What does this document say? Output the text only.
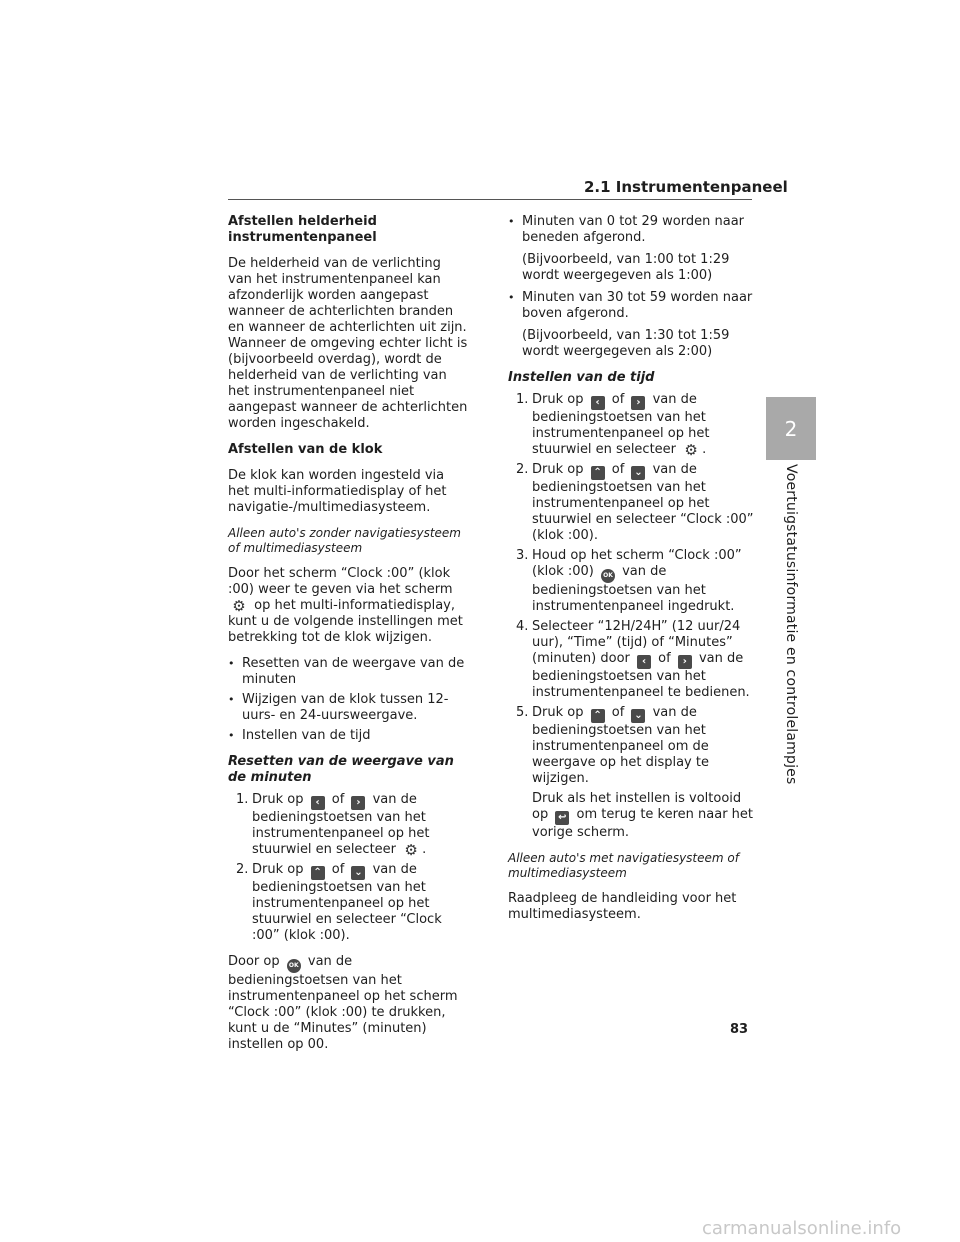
2.1 Instrumentenpaneel
2
Voertuigstatusinformatie en controlelampjes
Afstellen helderheid instrumentenpaneel
De helderheid van de verlichting van het instrumentenpaneel kan afzonderlijk worden aangepast wanneer de achterlichten branden en wanneer de achterlichten uit zijn. Wanneer de omgeving echter licht is (bijvoorbeeld overdag), wordt de helderheid van de verlichting van het instrumentenpaneel niet aangepast wanneer de achterlichten worden ingeschakeld.
Afstellen van de klok
De klok kan worden ingesteld via het multi-informatiedisplay of het navigatie-/multimediasysteem.
Alleen auto's zonder navigatiesysteem of multimediasysteem
Door het scherm “Clock :00” (klok :00) weer te geven via het scherm ⚙ op het multi-informatiedisplay, kunt u de volgende instellingen met betrekking tot de klok wijzigen.
• Resetten van de weergave van de minuten
• Wijzigen van de klok tussen 12-uurs- en 24-uursweergave.
• Instellen van de tijd
Resetten van de weergave van de minuten
1. Druk op ‹ of › van de bedieningstoetsen van het instrumentenpaneel op het stuurwiel en selecteer ⚙ .
2. Druk op ⌃ of ⌄ van de bedieningstoetsen van het instrumentenpaneel op het stuurwiel en selecteer “Clock :00” (klok :00).
Door op OK van de bedieningstoetsen van het instrumentenpaneel op het scherm “Clock :00” (klok :00) te drukken, kunt u de “Minutes” (minuten) instellen op 00.
• Minuten van 0 tot 29 worden naar beneden afgerond.
(Bijvoorbeeld, van 1:00 tot 1:29 wordt weergegeven als 1:00)
• Minuten van 30 tot 59 worden naar boven afgerond.
(Bijvoorbeeld, van 1:30 tot 1:59 wordt weergegeven als 2:00)
Instellen van de tijd
1. Druk op ‹ of › van de bedieningstoetsen van het instrumentenpaneel op het stuurwiel en selecteer ⚙ .
2. Druk op ⌃ of ⌄ van de bedieningstoetsen van het instrumentenpaneel op het stuurwiel en selecteer “Clock :00” (klok :00).
3. Houd op het scherm “Clock :00” (klok :00) OK van de bedieningstoetsen van het instrumentenpaneel ingedrukt.
4. Selecteer “12H/24H” (12 uur/24 uur), “Time” (tijd) of “Minutes” (minuten) door ‹ of › van de bedieningstoetsen van het instrumentenpaneel te bedienen.
5. Druk op ⌃ of ⌄ van de bedieningstoetsen van het instrumentenpaneel om de weergave op het display te wijzigen.
Druk als het instellen is voltooid op ↩ om terug te keren naar het vorige scherm.
Alleen auto's met navigatiesysteem of multimediasysteem
Raadpleeg de handleiding voor het multimediasysteem.
83
carmanualsonline.info
